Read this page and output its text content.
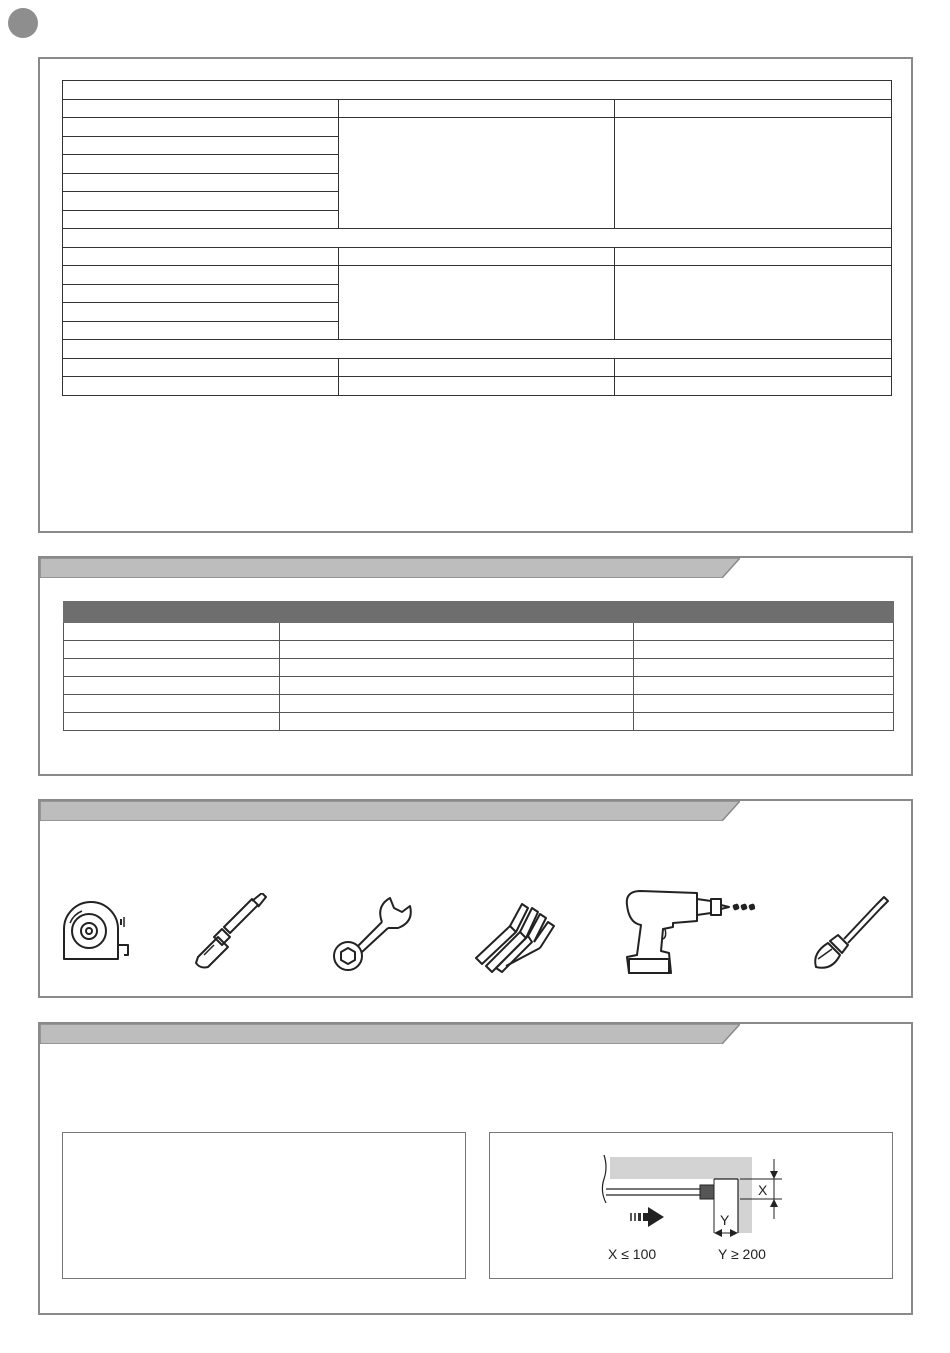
X
Y
X ≤ 100	Y ≥ 200
